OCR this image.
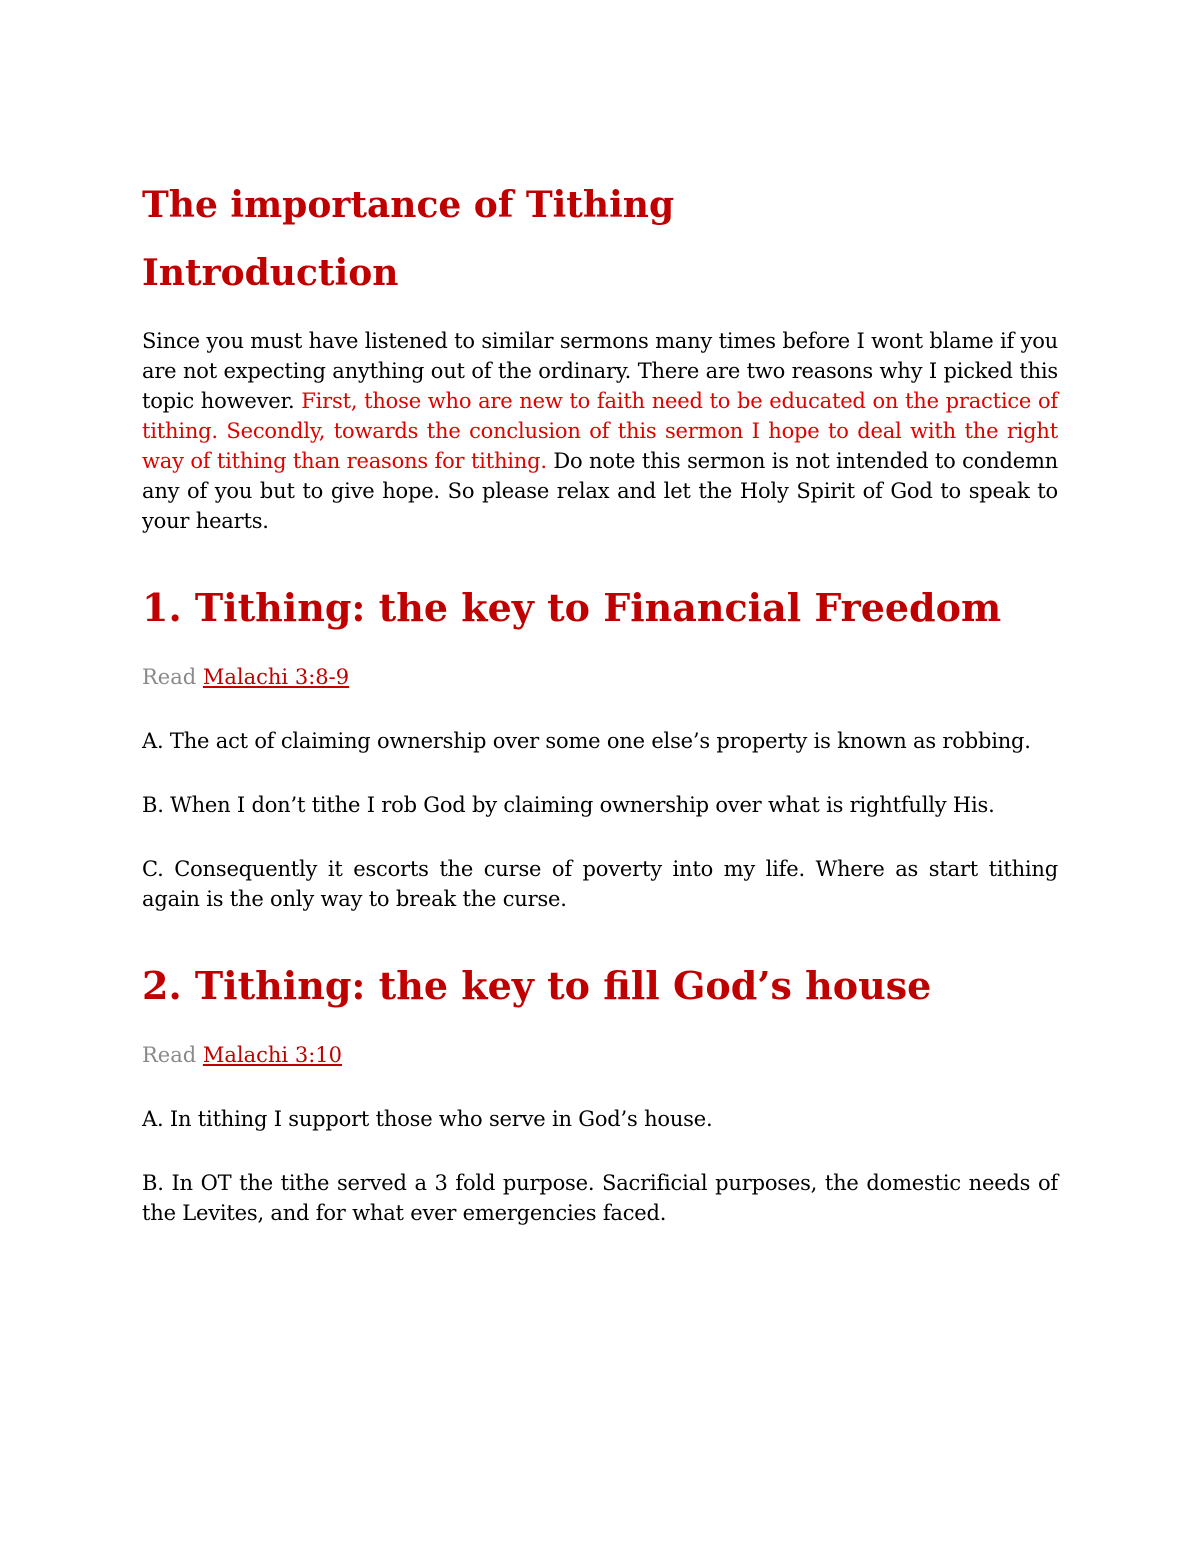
The importance of Tithing
Introduction

Since you must have listened to similar sermons many times before I wont blame if you are not expecting anything out of the ordinary. There are two reasons why I picked this topic however. First, those who are new to faith need to be educated on the practice of tithing. Secondly, towards the conclusion of this sermon I hope to deal with the right way of tithing than reasons for tithing. Do note this sermon is not intended to condemn any of you but to give hope. So please relax and let the Holy Spirit of God to speak to your hearts.

1. Tithing: the key to Financial Freedom
Read Malachi 3:8-9

A. The act of claiming ownership over some one else’s property is known as robbing.

B. When I don’t tithe I rob God by claiming ownership over what is rightfully His.

C. Consequently it escorts the curse of poverty into my life. Where as start tithing again is the only way to break the curse.

2. Tithing: the key to fill God’s house
Read Malachi 3:10

A. In tithing I support those who serve in God’s house.

B. In OT the tithe served a 3 fold purpose. Sacrificial purposes, the domestic needs of the Levites, and for what ever emergencies faced.
